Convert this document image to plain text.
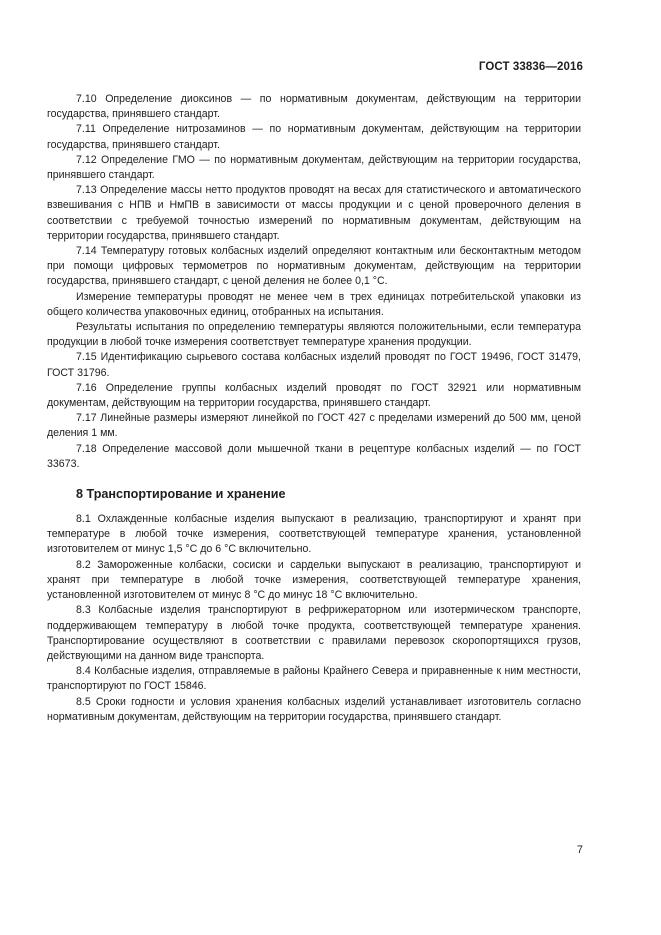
ГОСТ 33836—2016

7.10 Определение диоксинов — по нормативным документам, действующим на территории государства, принявшего стандарт.

7.11 Определение нитрозаминов — по нормативным документам, действующим на территории государства, принявшего стандарт.

7.12 Определение ГМО — по нормативным документам, действующим на территории государства, принявшего стандарт.

7.13 Определение массы нетто продуктов проводят на весах для статистического и автоматического взвешивания с НПВ и НмПВ в зависимости от массы продукции и с ценой проверочного деления в соответствии с требуемой точностью измерений по нормативным документам, действующим на территории государства, принявшего стандарт.

7.14 Температуру готовых колбасных изделий определяют контактным или бесконтактным методом при помощи цифровых термометров по нормативным документам, действующим на территории государства, принявшего стандарт, с ценой деления не более 0,1 °С.

Измерение температуры проводят не менее чем в трех единицах потребительской упаковки из общего количества упаковочных единиц, отобранных на испытания.

Результаты испытания по определению температуры являются положительными, если температура продукции в любой точке измерения соответствует температуре хранения продукции.

7.15 Идентификацию сырьевого состава колбасных изделий проводят по ГОСТ 19496, ГОСТ 31479, ГОСТ 31796.

7.16 Определение группы колбасных изделий проводят по ГОСТ 32921 или нормативным документам, действующим на территории государства, принявшего стандарт.

7.17 Линейные размеры измеряют линейкой по ГОСТ 427 с пределами измерений до 500 мм, ценой деления 1 мм.

7.18 Определение массовой доли мышечной ткани в рецептуре колбасных изделий — по ГОСТ 33673.

8 Транспортирование и хранение

8.1 Охлажденные колбасные изделия выпускают в реализацию, транспортируют и хранят при температуре в любой точке измерения, соответствующей температуре хранения, установленной изготовителем от минус 1,5 °С до 6 °С включительно.

8.2 Замороженные колбаски, сосиски и сардельки выпускают в реализацию, транспортируют и хранят при температуре в любой точке измерения, соответствующей температуре хранения, установленной изготовителем от минус 8 °С до минус 18 °С включительно.

8.3 Колбасные изделия транспортируют в рефрижераторном или изотермическом транспорте, поддерживающем температуру в любой точке продукта, соответствующей температуре хранения. Транспортирование осуществляют в соответствии с правилами перевозок скоропортящихся грузов, действующими на данном виде транспорта.

8.4 Колбасные изделия, отправляемые в районы Крайнего Севера и приравненные к ним местности, транспортируют по ГОСТ 15846.

8.5 Сроки годности и условия хранения колбасных изделий устанавливает изготовитель согласно нормативным документам, действующим на территории государства, принявшего стандарт.

7
